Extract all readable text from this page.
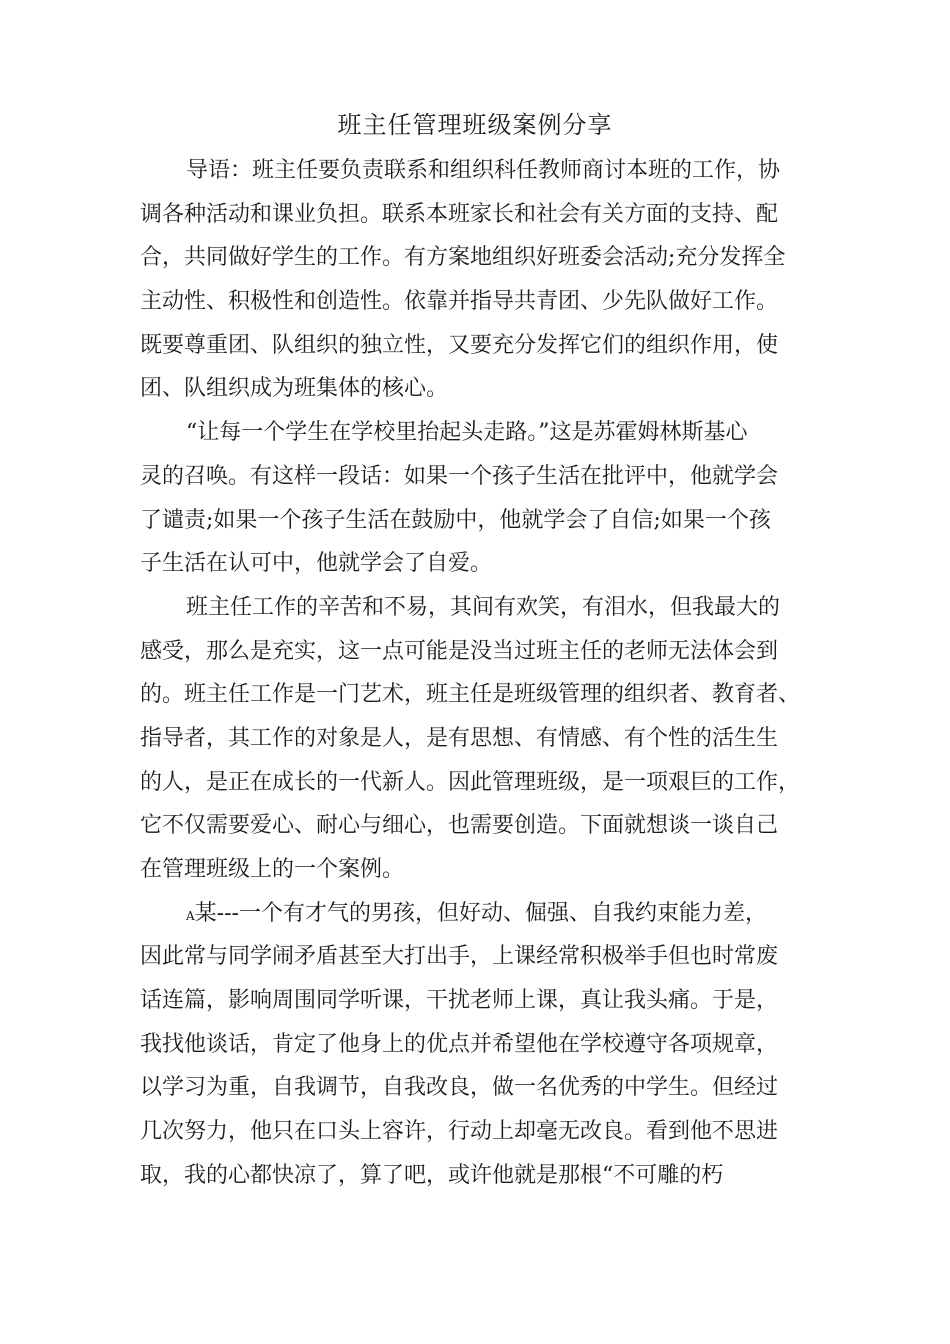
班主任管理班级案例分享
导语：班主任要负责联系和组织科任教师商讨本班的工作，协
调各种活动和课业负担。联系本班家长和社会有关方面的支持、配
合，共同做好学生的工作。有方案地组织好班委会活动;充分发挥全
主动性、积极性和创造性。依靠并指导共青团、少先队做好工作。
既要尊重团、队组织的独立性，又要充分发挥它们的组织作用，使
团、队组织成为班集体的核心。
“让每一个学生在学校里抬起头走路。”这是苏霍姆林斯基心
灵的召唤。有这样一段话：如果一个孩子生活在批评中，他就学会
了谴责;如果一个孩子生活在鼓励中，他就学会了自信;如果一个孩
子生活在认可中，他就学会了自爱。
班主任工作的辛苦和不易，其间有欢笑，有泪水，但我最大的
感受，那么是充实，这一点可能是没当过班主任的老师无法体会到
的。班主任工作是一门艺术，班主任是班级管理的组织者、教育者、
指导者，其工作的对象是人，是有思想、有情感、有个性的活生生
的人，是正在成长的一代新人。因此管理班级，是一项艰巨的工作，
它不仅需要爱心、耐心与细心，也需要创造。下面就想谈一谈自己
在管理班级上的一个案例。
A某---一个有才气的男孩，但好动、倔强、自我约束能力差，
因此常与同学闹矛盾甚至大打出手，上课经常积极举手但也时常废
话连篇，影响周围同学听课，干扰老师上课，真让我头痛。于是，
我找他谈话，肯定了他身上的优点并希望他在学校遵守各项规章，
以学习为重，自我调节，自我改良，做一名优秀的中学生。但经过
几次努力，他只在口头上容许，行动上却毫无改良。看到他不思进
取，我的心都快凉了，算了吧，或许他就是那根“不可雕的朽
